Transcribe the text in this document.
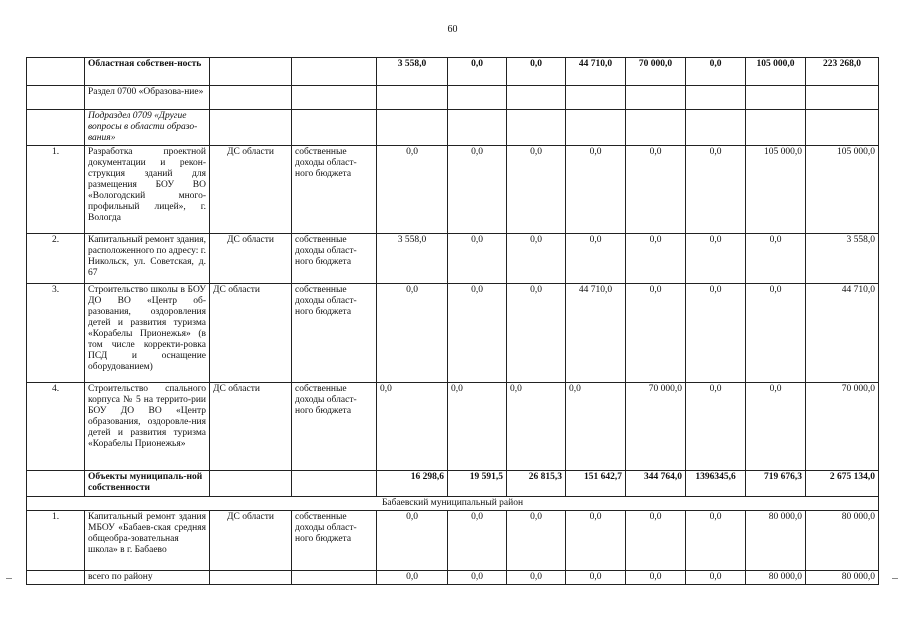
60
	Областная собствен-ность			3 558,0	0,0	0,0	44 710,0	70 000,0	0,0	105 000,0	223 268,0
	Раздел 0700 «Образова-ние»										
	Подраздел 0709 «Другие вопросы в области образо-вания»										
1.	Разработка проектной документации и рекон-струкция зданий для размещения БОУ ВО «Вологодский много-профильный лицей», г. Вологда	ДС области	собственные доходы област-ного бюджета	0,0	0,0	0,0	0,0	0,0	0,0	105 000,0	105 000,0
2.	Капитальный ремонт здания, расположенного по адресу: г. Никольск, ул. Советская, д. 67	ДС области	собственные доходы област-ного бюджета	3 558,0	0,0	0,0	0,0	0,0	0,0	0,0	3 558,0
3.	Строительство школы в БОУ ДО ВО «Центр об-разования, оздоровления детей и развития туризма «Корабелы Прионежья» (в том числе корректи-ровка ПСД и оснащение оборудованием)	ДС области	собственные доходы област-ного бюджета	0,0	0,0	0,0	44 710,0	0,0	0,0	0,0	44 710,0
4.	Строительство спального корпуса № 5 на террито-рии БОУ ДО ВО «Центр образования, оздоровле-ния детей и развития туризма «Корабелы Прионежья»	ДС области	собственные доходы област-ного бюджета	0,0	0,0	0,0	0,0	70 000,0	0,0	0,0	70 000,0
	Объекты муниципаль-ной собственности			16 298,6	19 591,5	26 815,3	151 642,7	344 764,0	1396345,6	719 676,3	2 675 134,0
Бабаевский муниципальный район											
1.	Капитальный ремонт здания МБОУ «Бабаев-ская средняя общеобра-зовательная школа» в г. Бабаево	ДС области	собственные доходы област-ного бюджета	0,0	0,0	0,0	0,0	0,0	0,0	80 000,0	80 000,0
	всего по району			0,0	0,0	0,0	0,0	0,0	0,0	80 000,0	80 000,0
